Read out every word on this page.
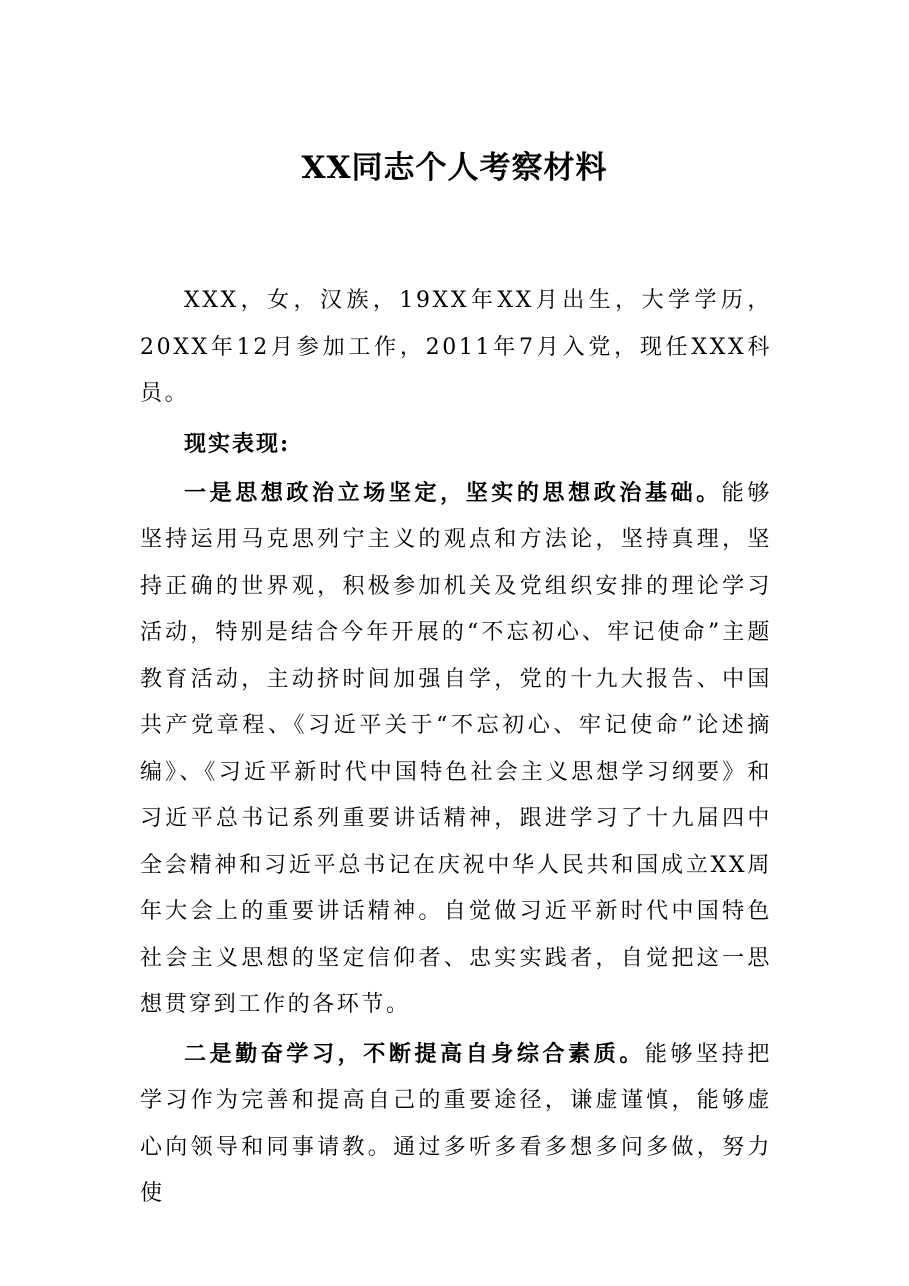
XX同志个人考察材料

XXX，女，汉族，19XX年XX月出生，大学学历，20XX年12月参加工作，2011年7月入党，现任XXX科员。

现实表现:

一是思想政治立场坚定，坚实的思想政治基础。能够坚持运用马克思列宁主义的观点和方法论，坚持真理，坚持正确的世界观，积极参加机关及党组织安排的理论学习活动，特别是结合今年开展的“不忘初心、牢记使命”主题教育活动，主动挤时间加强自学，党的十九大报告、中国共产党章程、《习近平关于“不忘初心、牢记使命”论述摘编》、《习近平新时代中国特色社会主义思想学习纲要》和习近平总书记系列重要讲话精神，跟进学习了十九届四中全会精神和习近平总书记在庆祝中华人民共和国成立XX周年大会上的重要讲话精神。自觉做习近平新时代中国特色社会主义思想的坚定信仰者、忠实实践者，自觉把这一思想贯穿到工作的各环节。

二是勤奋学习，不断提高自身综合素质。能够坚持把学习作为完善和提高自己的重要途径，谦虚谨慎，能够虚心向领导和同事请教。通过多听多看多想多问多做，努力使
